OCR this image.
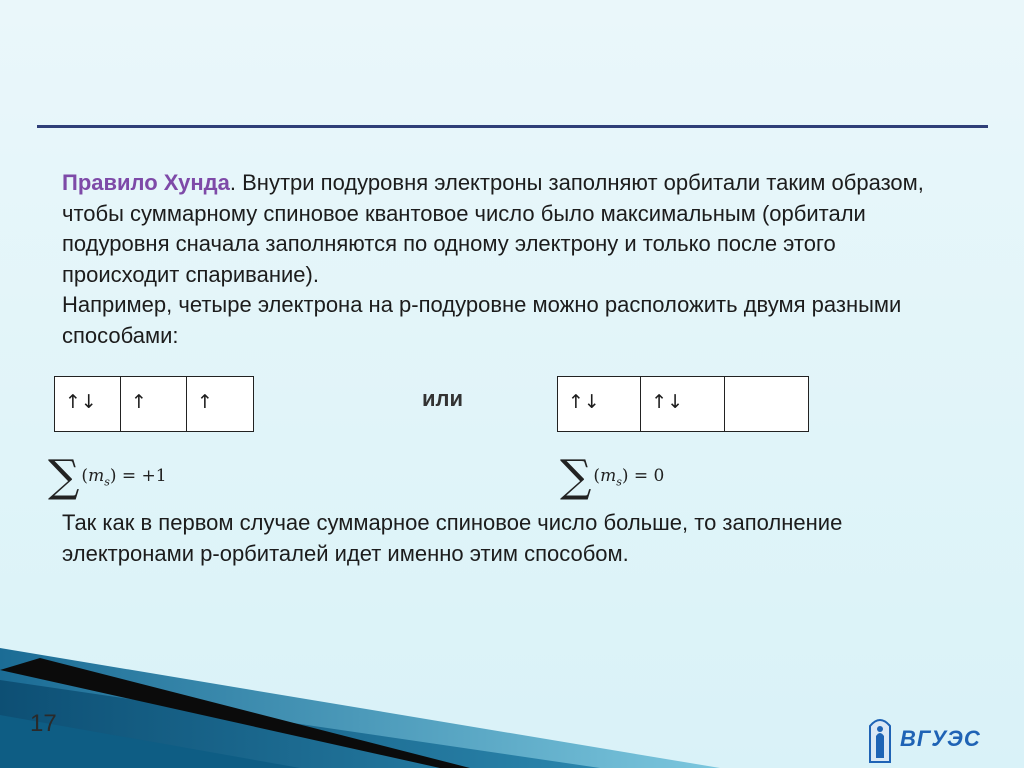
Правило Хунда. Внутри подуровня электроны заполняют орбитали таким образом, чтобы суммарному спиновое квантовое число было максимальным (орбитали подуровня сначала заполняются по одному электрону и только после этого происходит спаривание).
Например, четыре электрона на р-подуровне можно расположить двумя разными способами:
↑↓	↑	↑	или	↑↓	↑↓
∑ $(m_s) = +1$	∑ $(m_s) = 0$
Так как в первом случае суммарное спиновое число больше, то заполнение электронами р-орбиталей идет именно этим способом.
17
ВГУЭС
